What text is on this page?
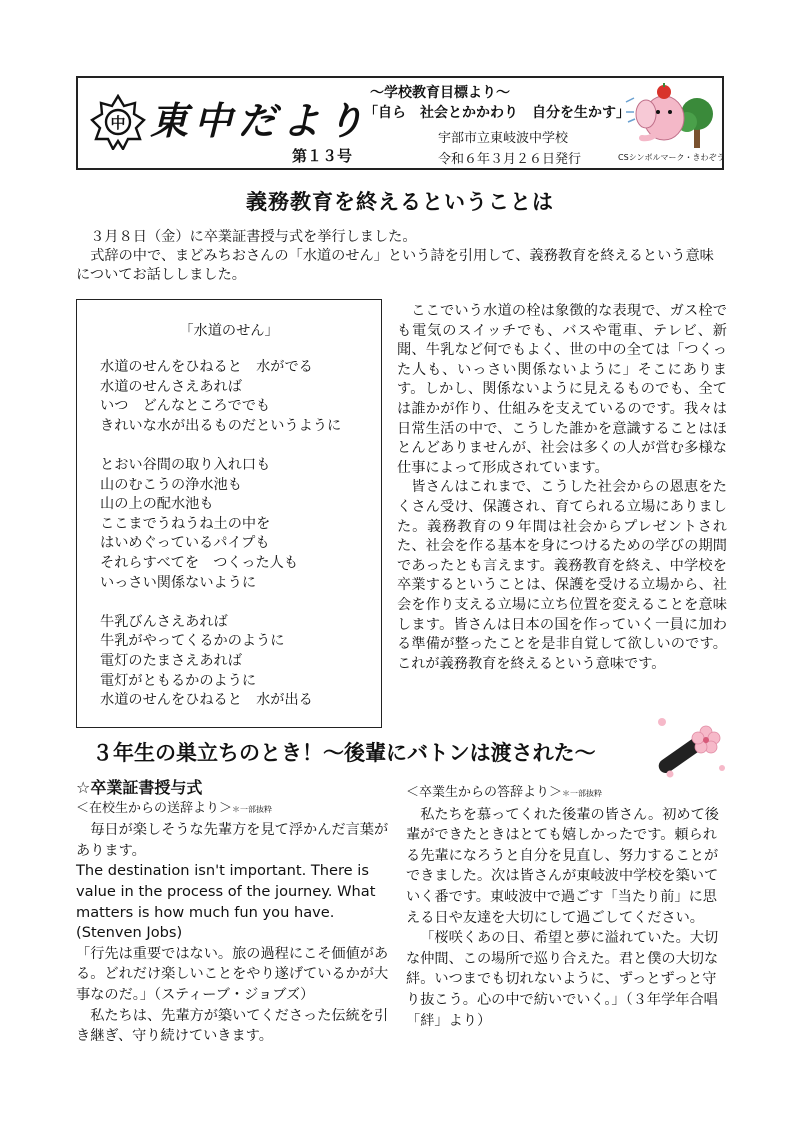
中 東中だより
第１３号
～学校教育目標より～
「自ら　社会とかかわり　自分を生かす」
宇部市立東岐波中学校
令和６年３月２６日発行	CSシンボルマーク・きわぞう
義務教育を終えるということは

　３月８日（金）に卒業証書授与式を挙行しました。

　式辞の中で、まどみちおさんの「水道のせん」という詩を引用して、義務教育を終えるという意味についてお話ししました。

「水道のせん」
水道のせんをひねると　水がでる
水道のせんさえあれば
いつ　どんなところででも
きれいな水が出るものだというように
とおい谷間の取り入れ口も
山のむこうの浄水池も
山の上の配水池も
ここまでうねうね土の中を
はいめぐっているパイプも
それらすべてを　つくった人も
いっさい関係ないように
牛乳びんさえあれば
牛乳がやってくるかのように
電灯のたまさえあれば
電灯がともるかのように
水道のせんをひねると　水が出る

ここでいう水道の栓は象徴的な表現で、ガス栓でも電気のスイッチでも、バスや電車、テレビ、新聞、牛乳など何でもよく、世の中の全ては「つくった人も、いっさい関係ないように」そこにあります。しかし、関係ないように見えるものでも、全ては誰かが作り、仕組みを支えているのです。我々は日常生活の中で、こうした誰かを意識することはほとんどありませんが、社会は多くの人が営む多様な仕事によって形成されています。

皆さんはこれまで、こうした社会からの恩恵をたくさん受け、保護され、育てられる立場にありました。義務教育の９年間は社会からプレゼントされた、社会を作る基本を身につけるための学びの期間であったとも言えます。義務教育を終え、中学校を卒業するということは、保護を受ける立場から、社会を作り支える立場に立ち位置を変えることを意味します。皆さんは日本の国を作っていく一員に加わる準備が整ったことを是非自覚して欲しいのです。これが義務教育を終えるという意味です。

３年生の巣立ちのとき！～後輩にバトンは渡された～

☆卒業証書授与式

＜在校生からの送辞より＞＊一部抜粋

毎日が楽しそうな先輩方を見て浮かんだ言葉があります。

The destination isn't important. There is value in the process of the journey. What matters is how much fun you have.　(Stenven Jobs)

「行先は重要ではない。旅の過程にこそ価値がある。どれだけ楽しいことをやり遂げているかが大事なのだ。」（スティーブ・ジョブズ）

私たちは、先輩方が築いてくださった伝統を引き継ぎ、守り続けていきます。

＜卒業生からの答辞より＞＊一部抜粋

私たちを慕ってくれた後輩の皆さん。初めて後輩ができたときはとても嬉しかったです。頼られる先輩になろうと自分を見直し、努力することができました。次は皆さんが東岐波中学校を築いていく番です。東岐波中で過ごす「当たり前」に思える日や友達を大切にして過ごしてください。

「桜咲くあの日、希望と夢に溢れていた。大切な仲間、この場所で巡り合えた。君と僕の大切な絆。いつまでも切れないように、ずっとずっと守り抜こう。心の中で紡いでいく。」（３年学年合唱「絆」より）
